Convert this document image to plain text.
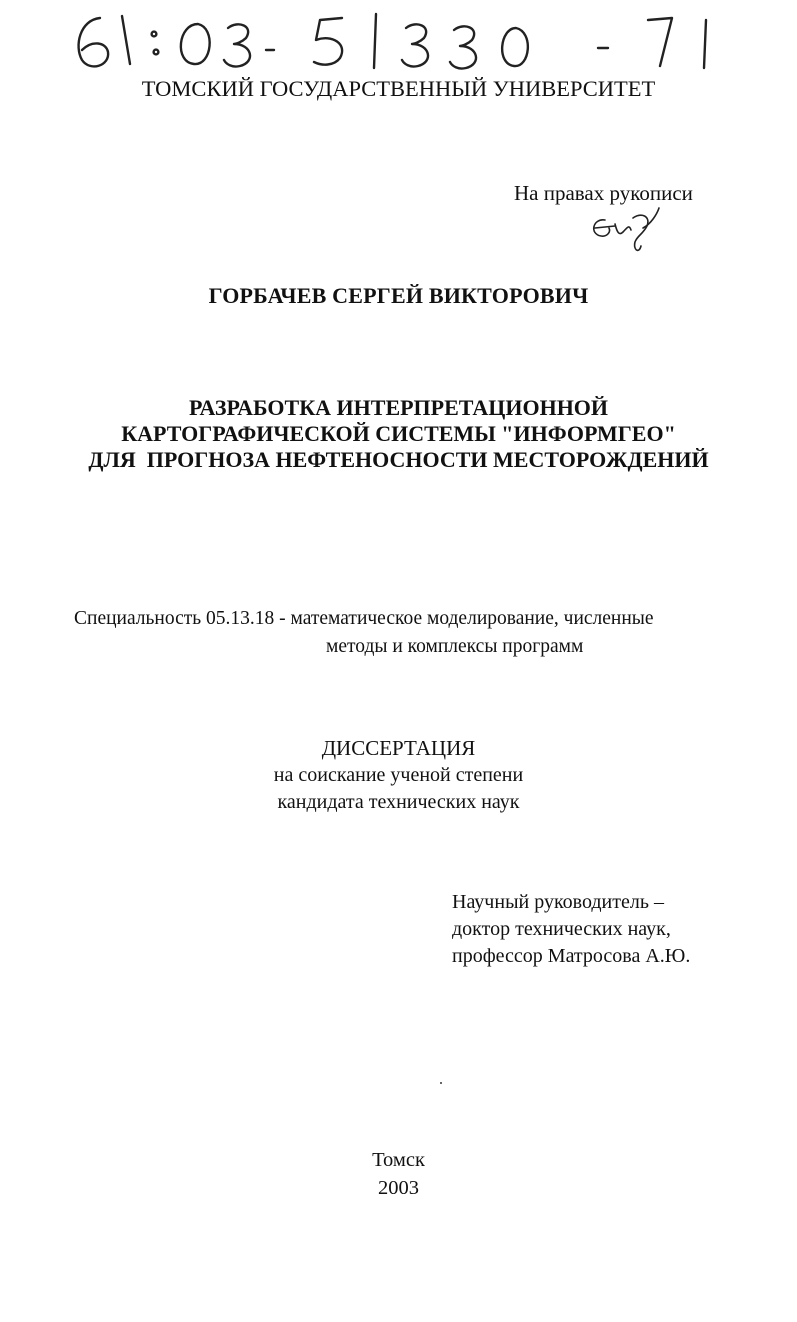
ТОМСКИЙ ГОСУДАРСТВЕННЫЙ УНИВЕРСИТЕТ
На правах рукописи
ГОРБАЧЕВ СЕРГЕЙ ВИКТОРОВИЧ
РАЗРАБОТКА ИНТЕРПРЕТАЦИОННОЙ
КАРТОГРАФИЧЕСКОЙ СИСТЕМЫ "ИНФОРМГЕО"
ДЛЯ  ПРОГНОЗА НЕФТЕНОСНОСТИ МЕСТОРОЖДЕНИЙ
Специальность 05.13.18 - математическое моделирование, численные
методы и комплексы программ
ДИССЕРТАЦИЯ
на соискание ученой степени
кандидата технических наук
Научный руководитель –
доктор технических наук,
профессор Матросова А.Ю.
Томск
2003
